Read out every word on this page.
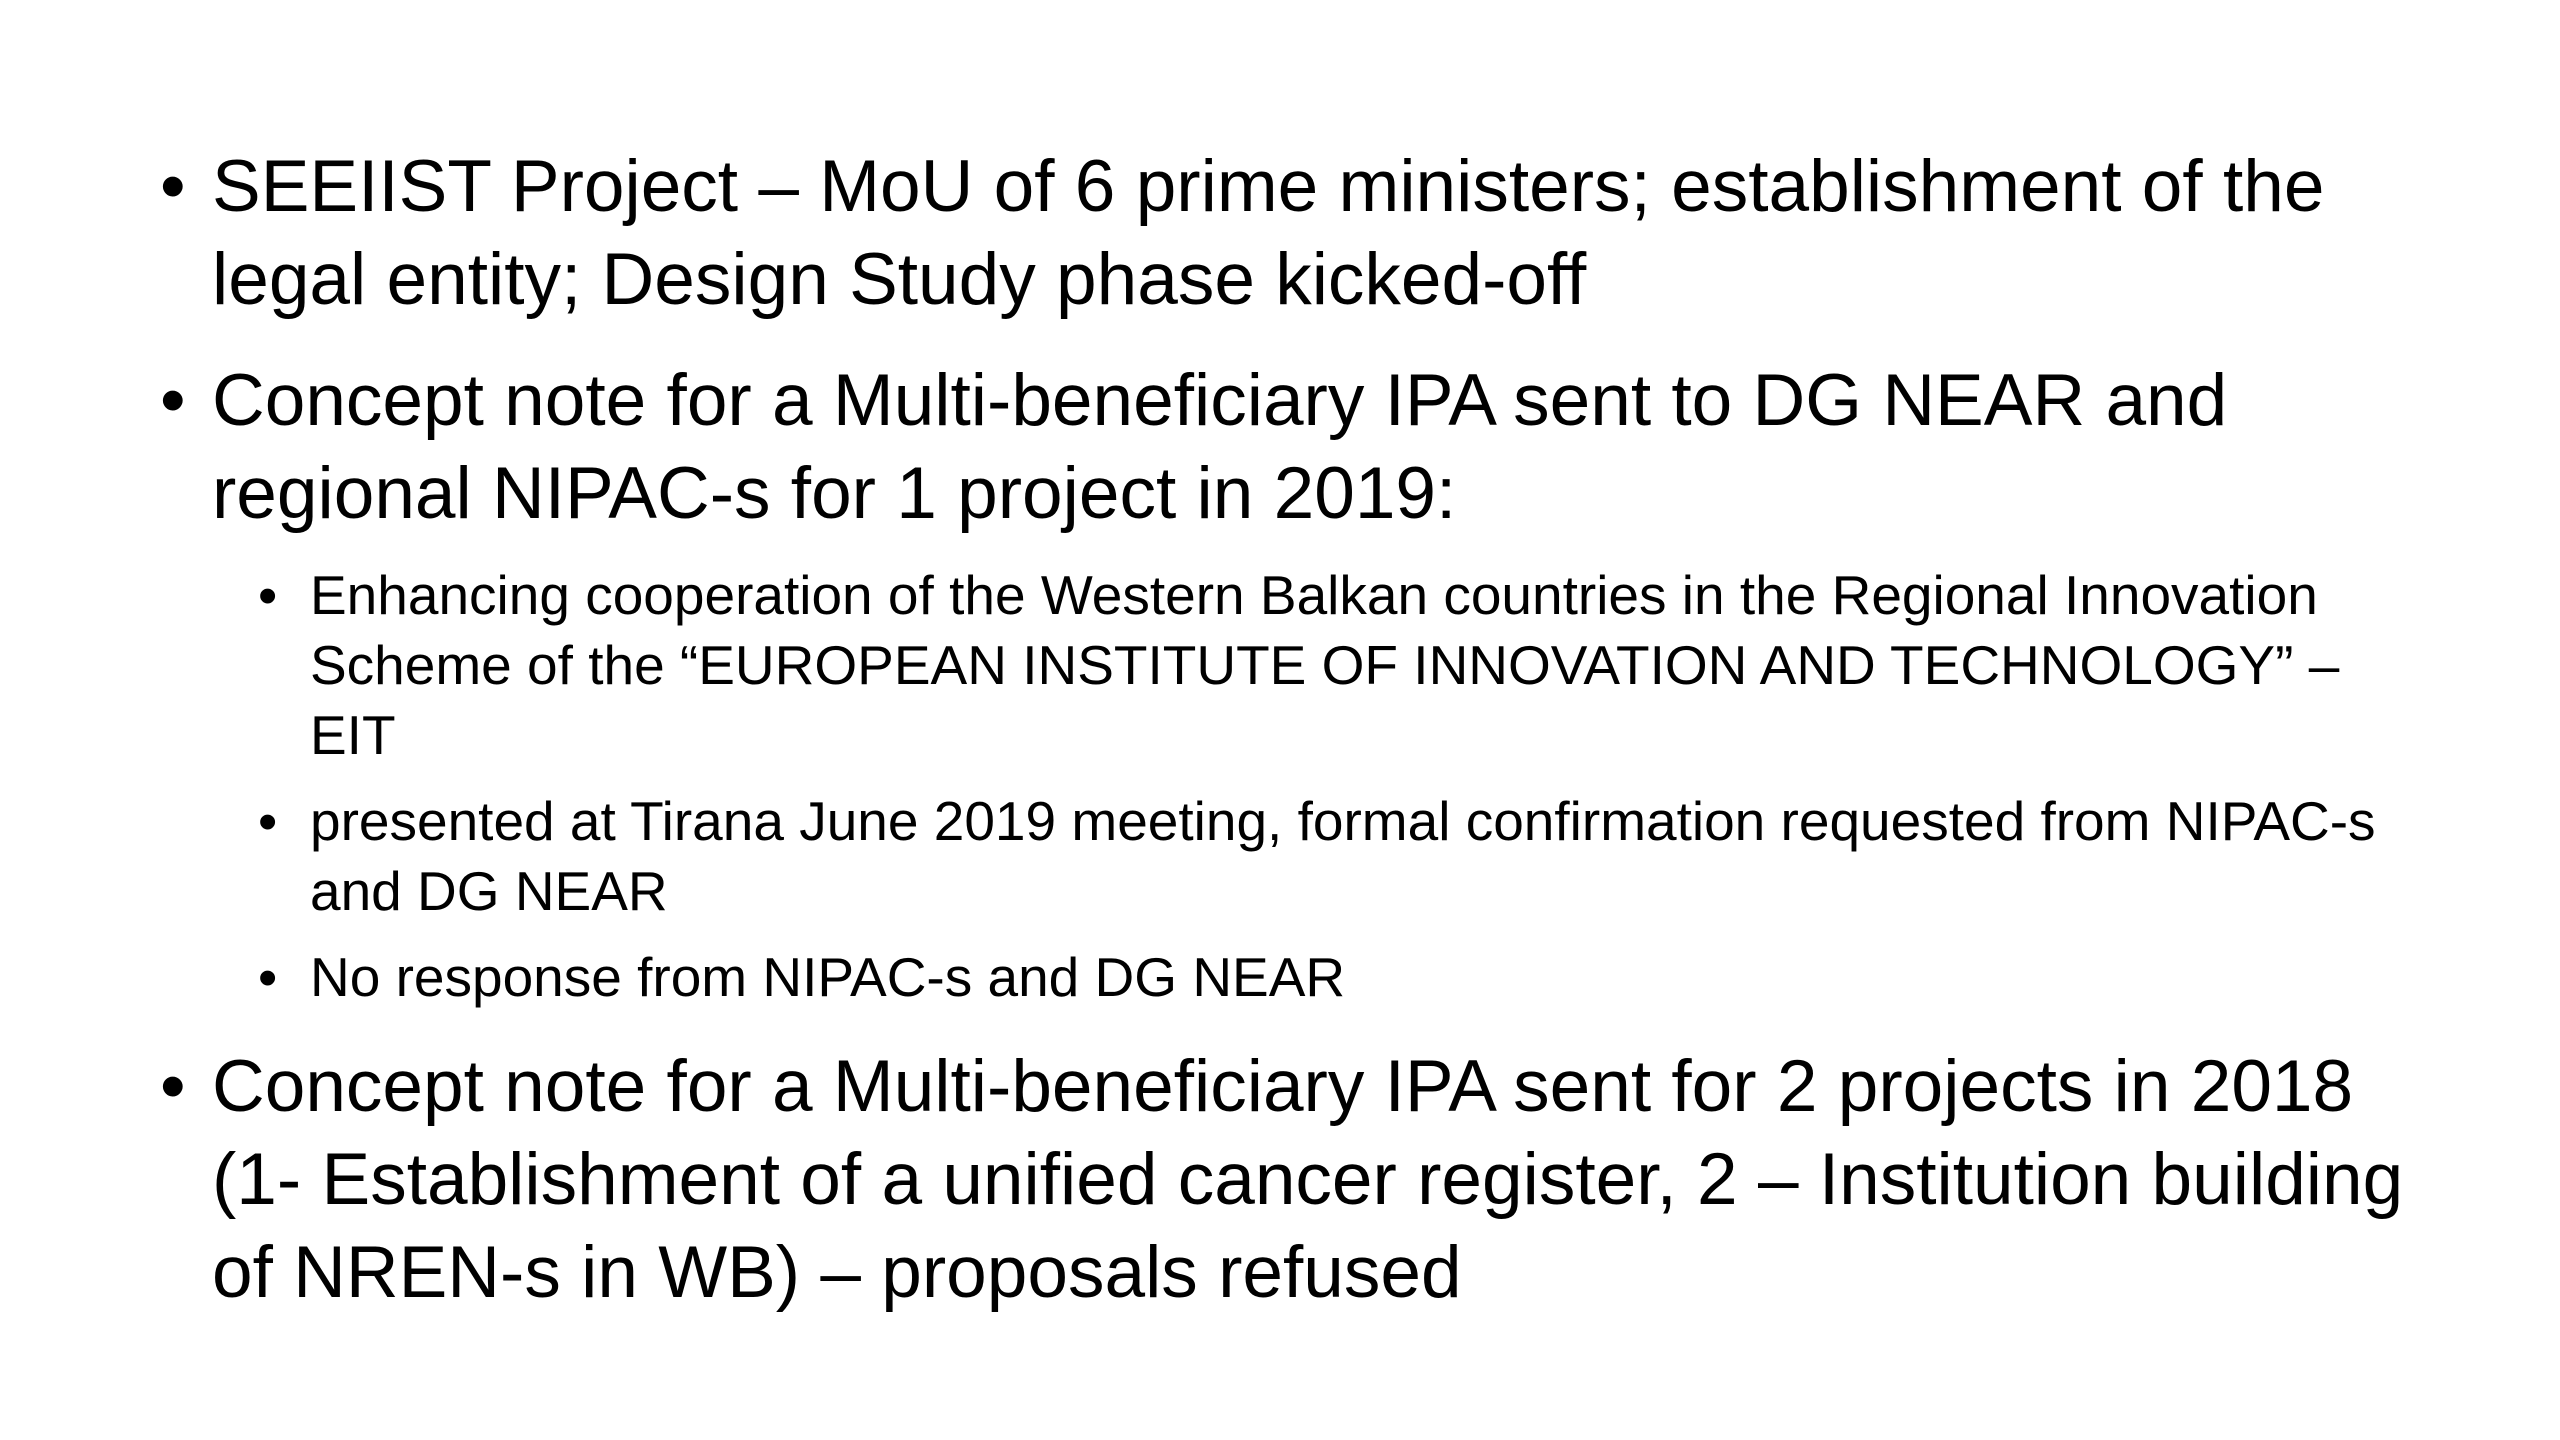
• SEEIIST Project – MoU of 6 prime ministers; establishment of the legal entity; Design Study phase kicked-off
• Concept note for a Multi-beneficiary IPA sent to DG NEAR and regional NIPAC-s for 1 project in 2019:
• Enhancing cooperation of the Western Balkan countries in the Regional Innovation Scheme of the “EUROPEAN INSTITUTE OF INNOVATION AND TECHNOLOGY” – EIT
• presented at Tirana June 2019 meeting, formal confirmation requested from NIPAC-s and DG NEAR
• No response from NIPAC-s and DG NEAR
• Concept note for a Multi-beneficiary IPA sent for 2 projects in 2018 (1- Establishment of a unified cancer register, 2 – Institution building of NREN-s in WB) – proposals refused
